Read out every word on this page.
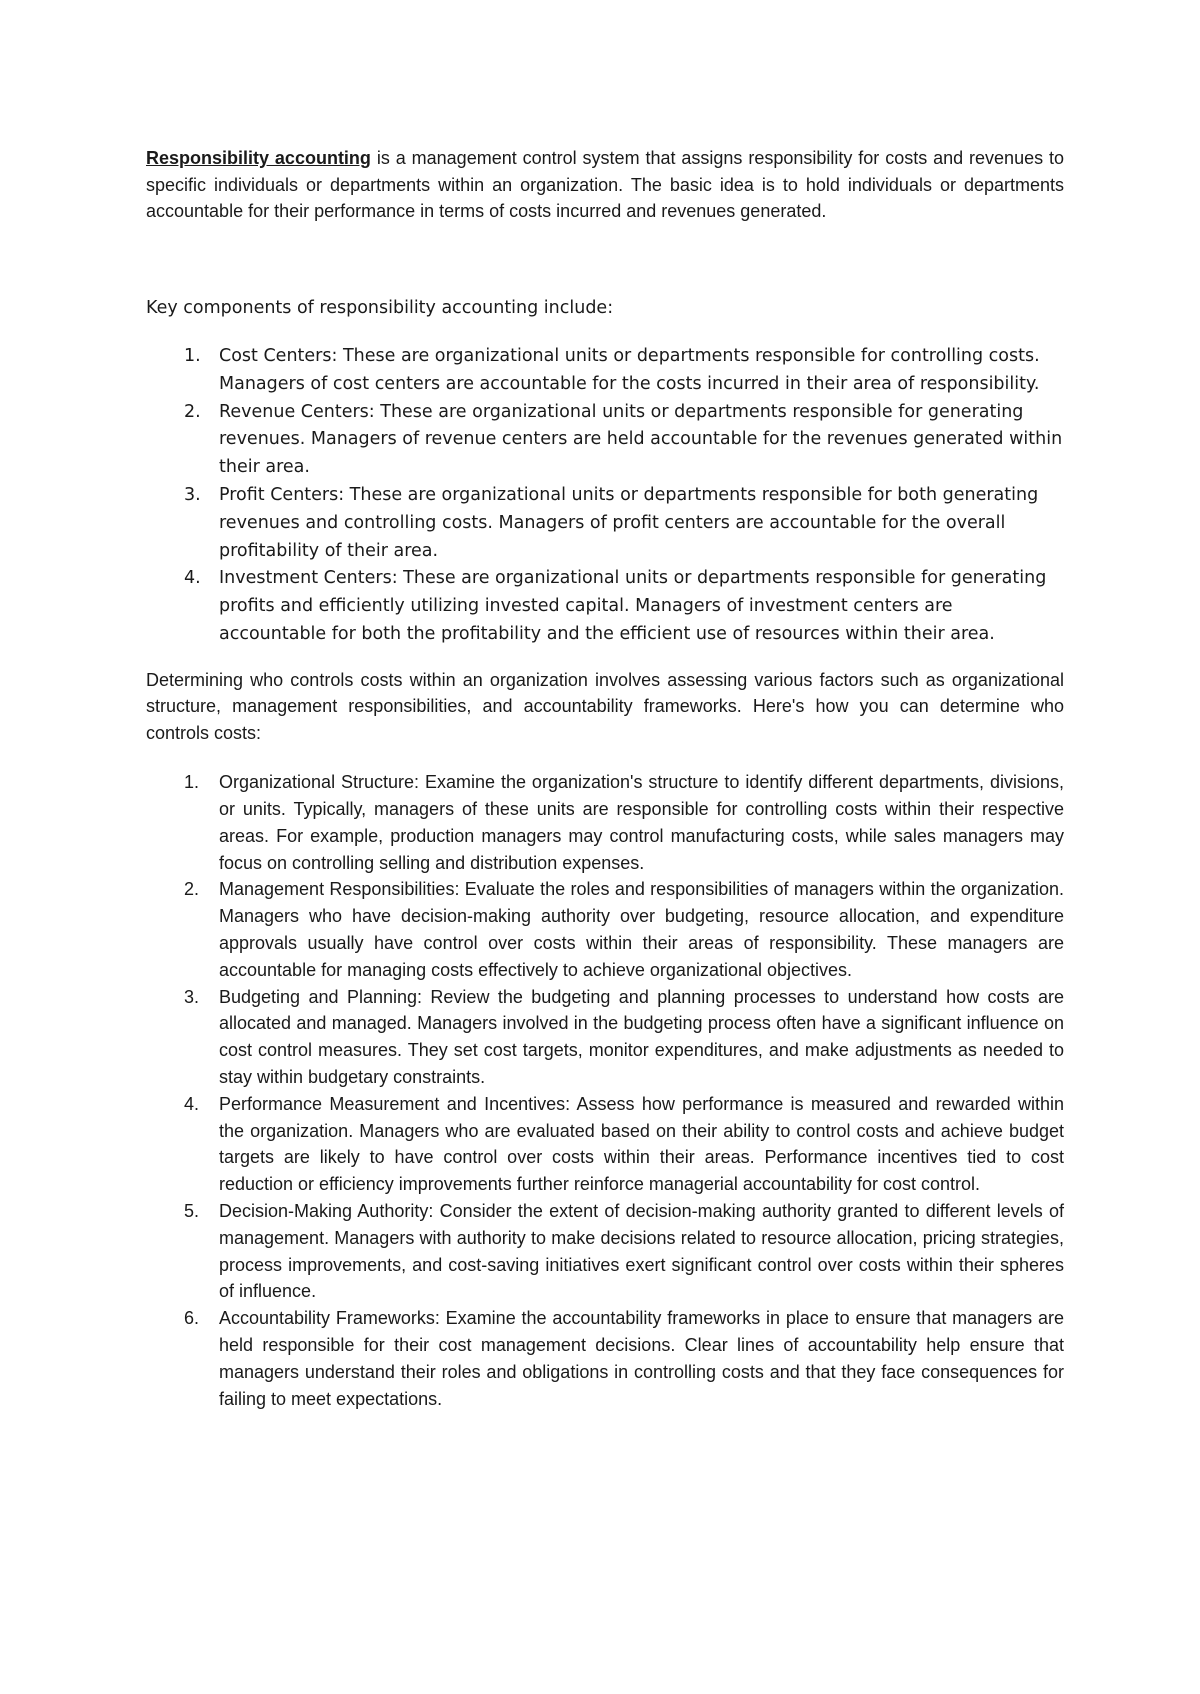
Responsibility accounting is a management control system that assigns responsibility for costs and revenues to specific individuals or departments within an organization. The basic idea is to hold individuals or departments accountable for their performance in terms of costs incurred and revenues generated.

Key components of responsibility accounting include:

1. Cost Centers: These are organizational units or departments responsible for controlling costs. Managers of cost centers are accountable for the costs incurred in their area of responsibility.
2. Revenue Centers: These are organizational units or departments responsible for generating revenues. Managers of revenue centers are held accountable for the revenues generated within their area.
3. Profit Centers: These are organizational units or departments responsible for both generating revenues and controlling costs. Managers of profit centers are accountable for the overall profitability of their area.
4. Investment Centers: These are organizational units or departments responsible for generating profits and efficiently utilizing invested capital. Managers of investment centers are accountable for both the profitability and the efficient use of resources within their area.

Determining who controls costs within an organization involves assessing various factors such as organizational structure, management responsibilities, and accountability frameworks. Here's how you can determine who controls costs:

1. Organizational Structure: Examine the organization's structure to identify different departments, divisions, or units. Typically, managers of these units are responsible for controlling costs within their respective areas. For example, production managers may control manufacturing costs, while sales managers may focus on controlling selling and distribution expenses.
2. Management Responsibilities: Evaluate the roles and responsibilities of managers within the organization. Managers who have decision-making authority over budgeting, resource allocation, and expenditure approvals usually have control over costs within their areas of responsibility. These managers are accountable for managing costs effectively to achieve organizational objectives.
3. Budgeting and Planning: Review the budgeting and planning processes to understand how costs are allocated and managed. Managers involved in the budgeting process often have a significant influence on cost control measures. They set cost targets, monitor expenditures, and make adjustments as needed to stay within budgetary constraints.
4. Performance Measurement and Incentives: Assess how performance is measured and rewarded within the organization. Managers who are evaluated based on their ability to control costs and achieve budget targets are likely to have control over costs within their areas. Performance incentives tied to cost reduction or efficiency improvements further reinforce managerial accountability for cost control.
5. Decision-Making Authority: Consider the extent of decision-making authority granted to different levels of management. Managers with authority to make decisions related to resource allocation, pricing strategies, process improvements, and cost-saving initiatives exert significant control over costs within their spheres of influence.
6. Accountability Frameworks: Examine the accountability frameworks in place to ensure that managers are held responsible for their cost management decisions. Clear lines of accountability help ensure that managers understand their roles and obligations in controlling costs and that they face consequences for failing to meet expectations.
